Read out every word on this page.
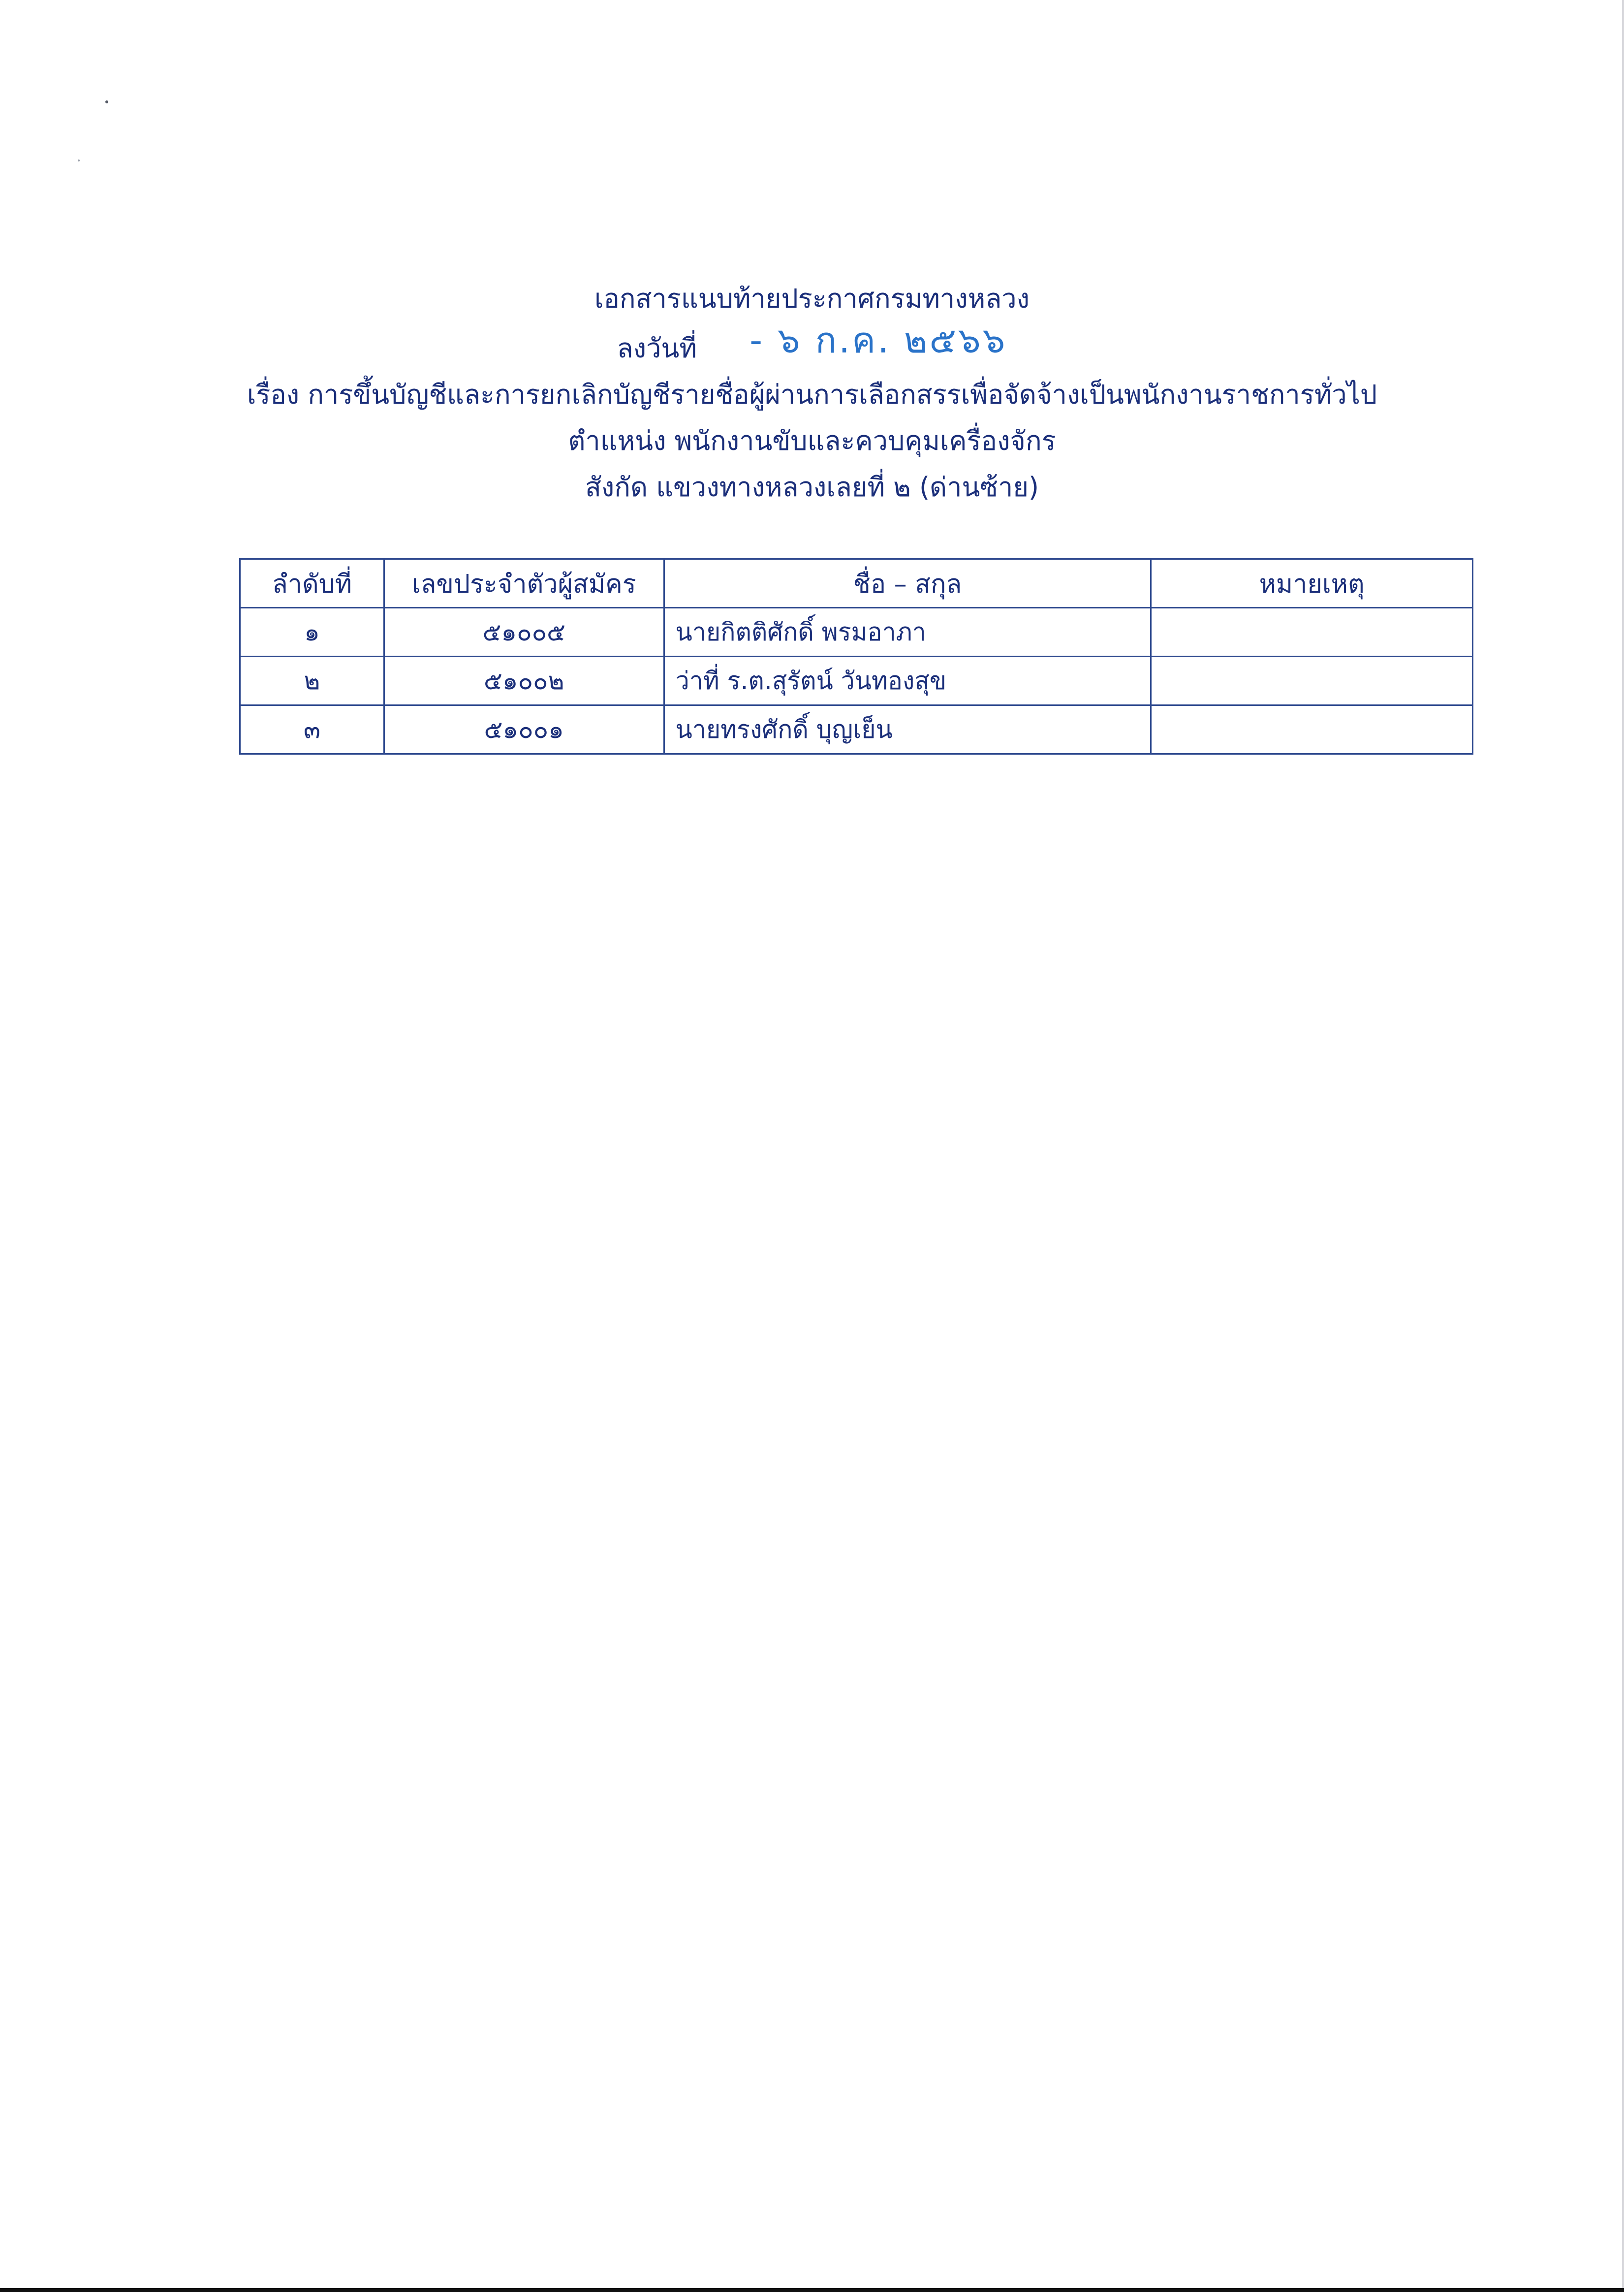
เอกสารแนบท้ายประกาศกรมทางหลวง
ลงวันที่ - ๖ ก.ค. ๒๕๖๖
เรื่อง การขึ้นบัญชีและการยกเลิกบัญชีรายชื่อผู้ผ่านการเลือกสรรเพื่อจัดจ้างเป็นพนักงานราชการทั่วไป
ตำแหน่ง พนักงานขับและควบคุมเครื่องจักร
สังกัด แขวงทางหลวงเลยที่ ๒ (ด่านซ้าย)
ลำดับที่	เลขประจำตัวผู้สมัคร	ชื่อ – สกุล	หมายเหตุ
๑	๕๑๐๐๕	นายกิตติศักดิ์ พรมอาภา	
๒	๕๑๐๐๒	ว่าที่ ร.ต.สุรัตน์ วันทองสุข	
๓	๕๑๐๐๑	นายทรงศักดิ์ บุญเย็น	
